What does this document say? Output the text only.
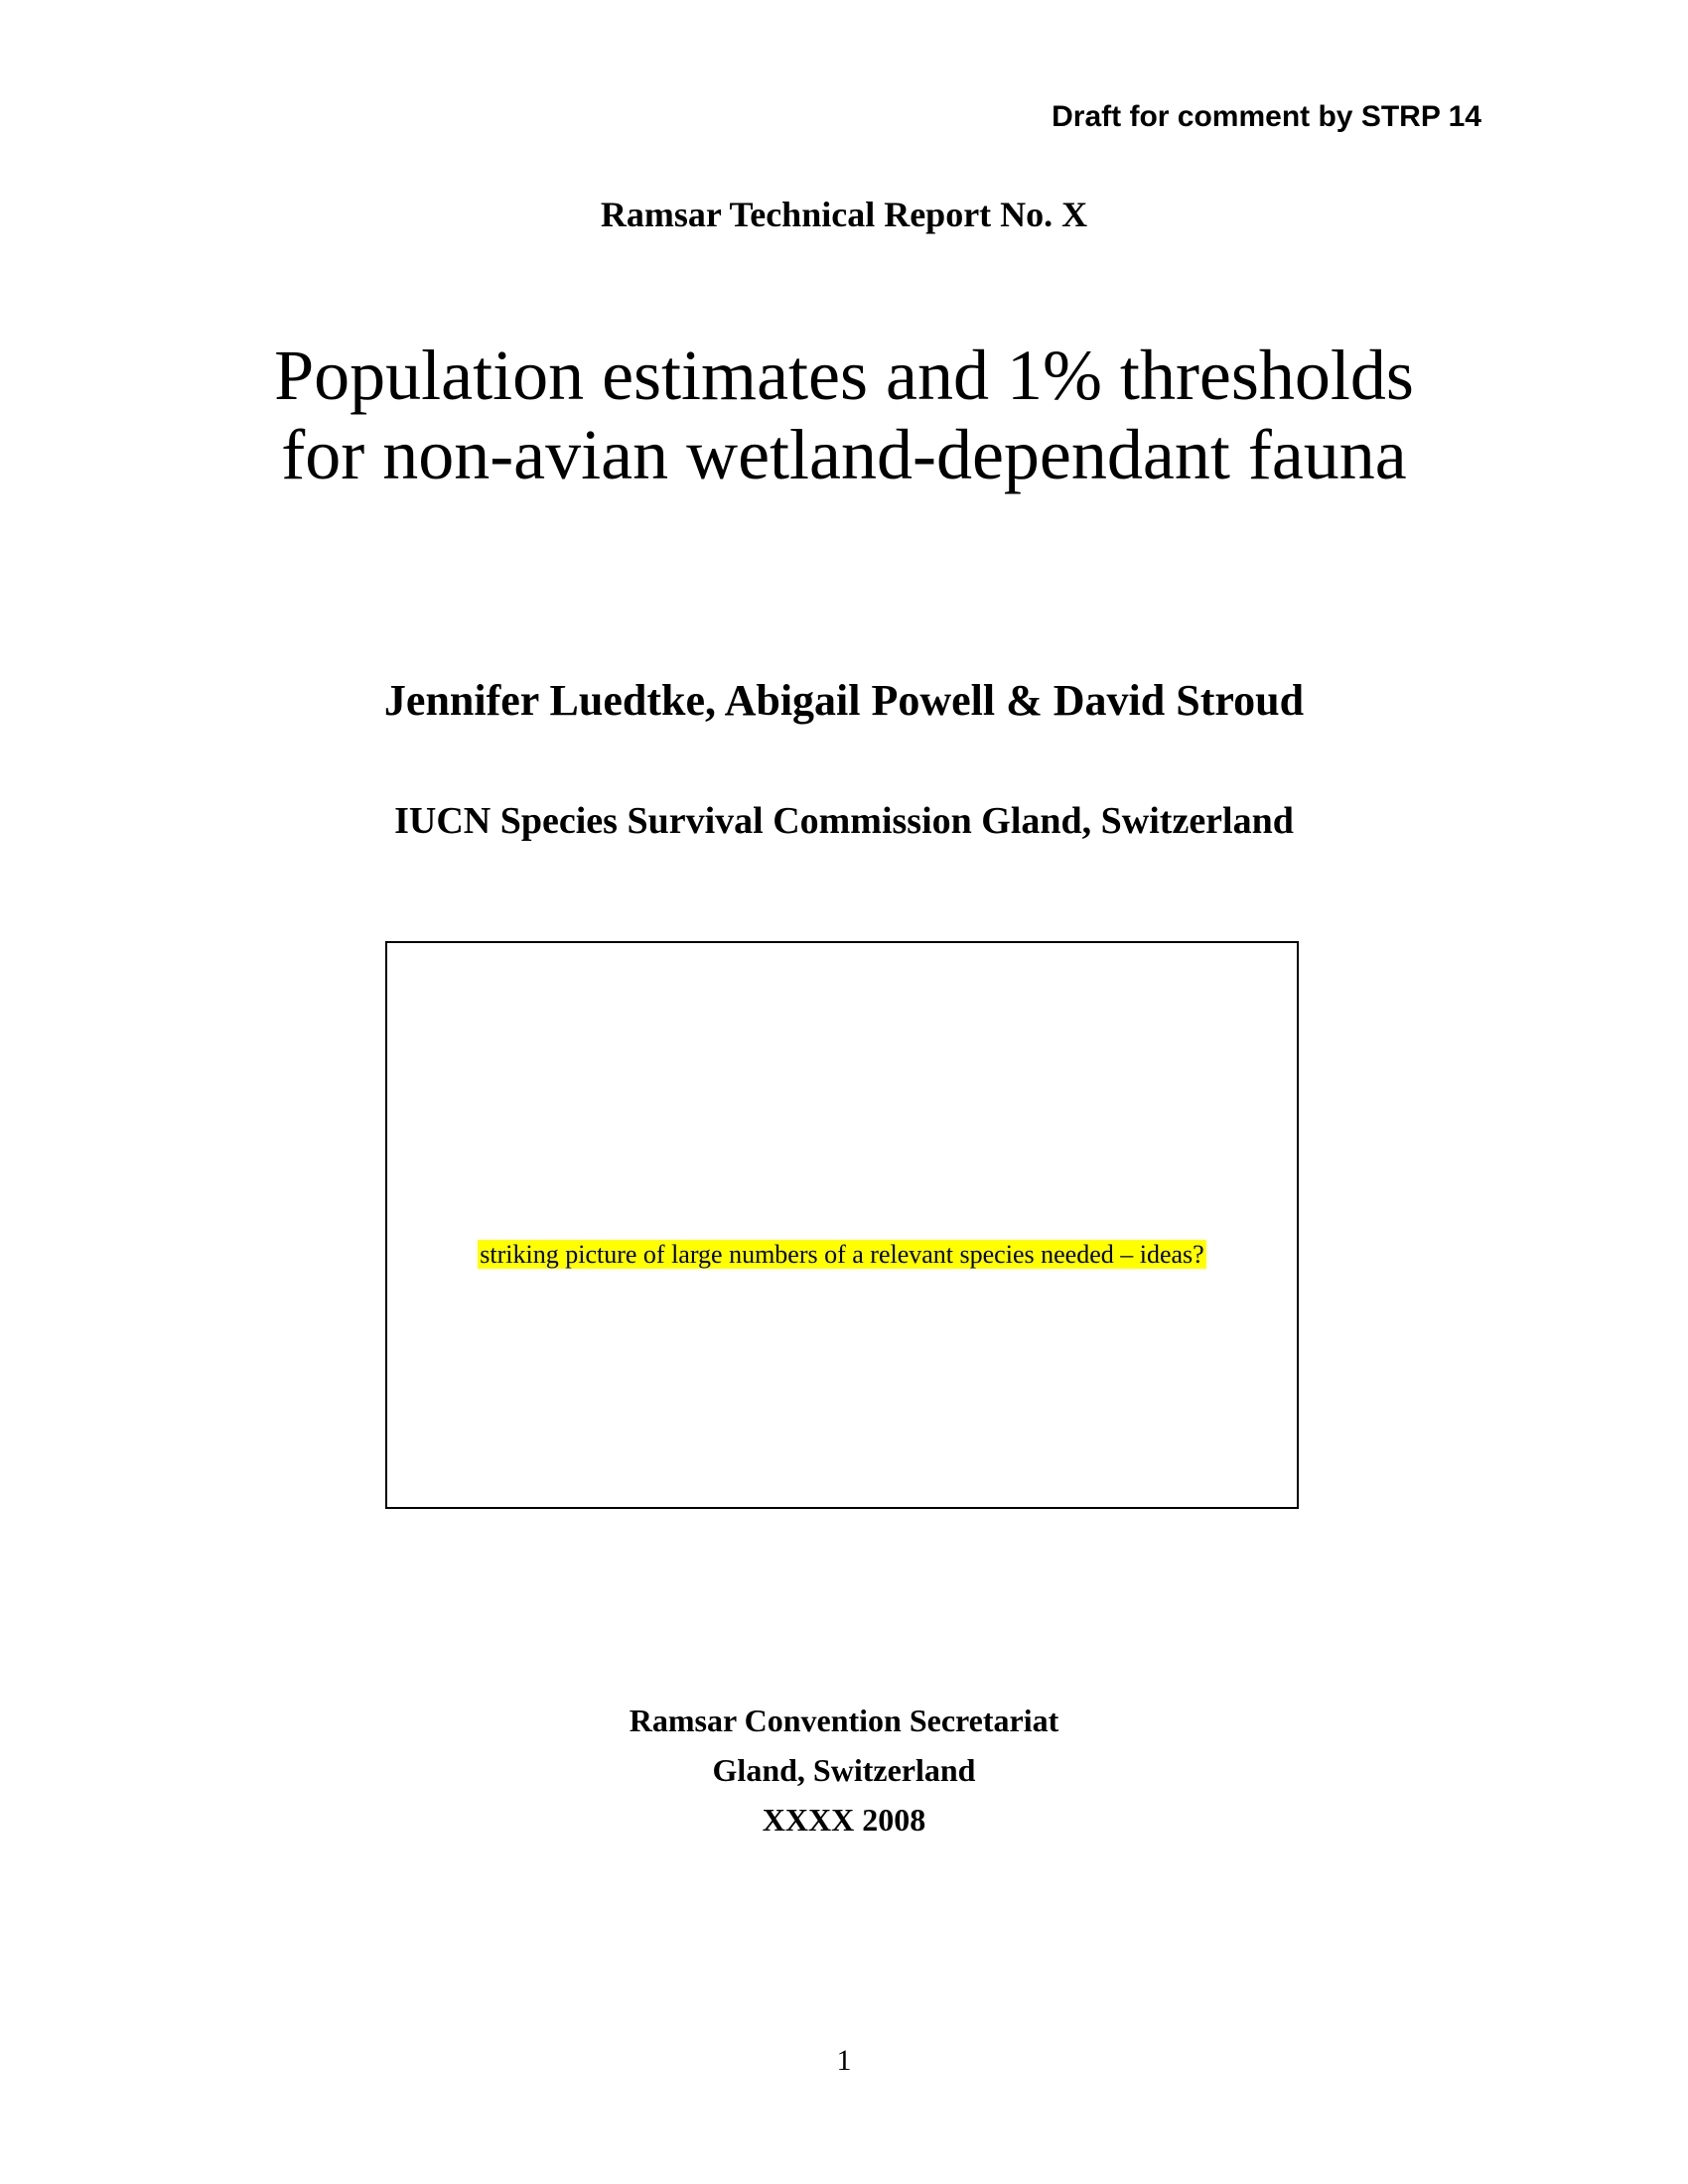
Draft for comment by STRP 14
Ramsar Technical Report No. X
Population estimates and 1% thresholds
for non-avian wetland-dependant fauna
Jennifer Luedtke, Abigail Powell & David Stroud
IUCN Species Survival Commission Gland, Switzerland
striking picture of large numbers of a relevant species needed – ideas?
Ramsar Convention Secretariat
Gland, Switzerland
XXXX 2008
1
